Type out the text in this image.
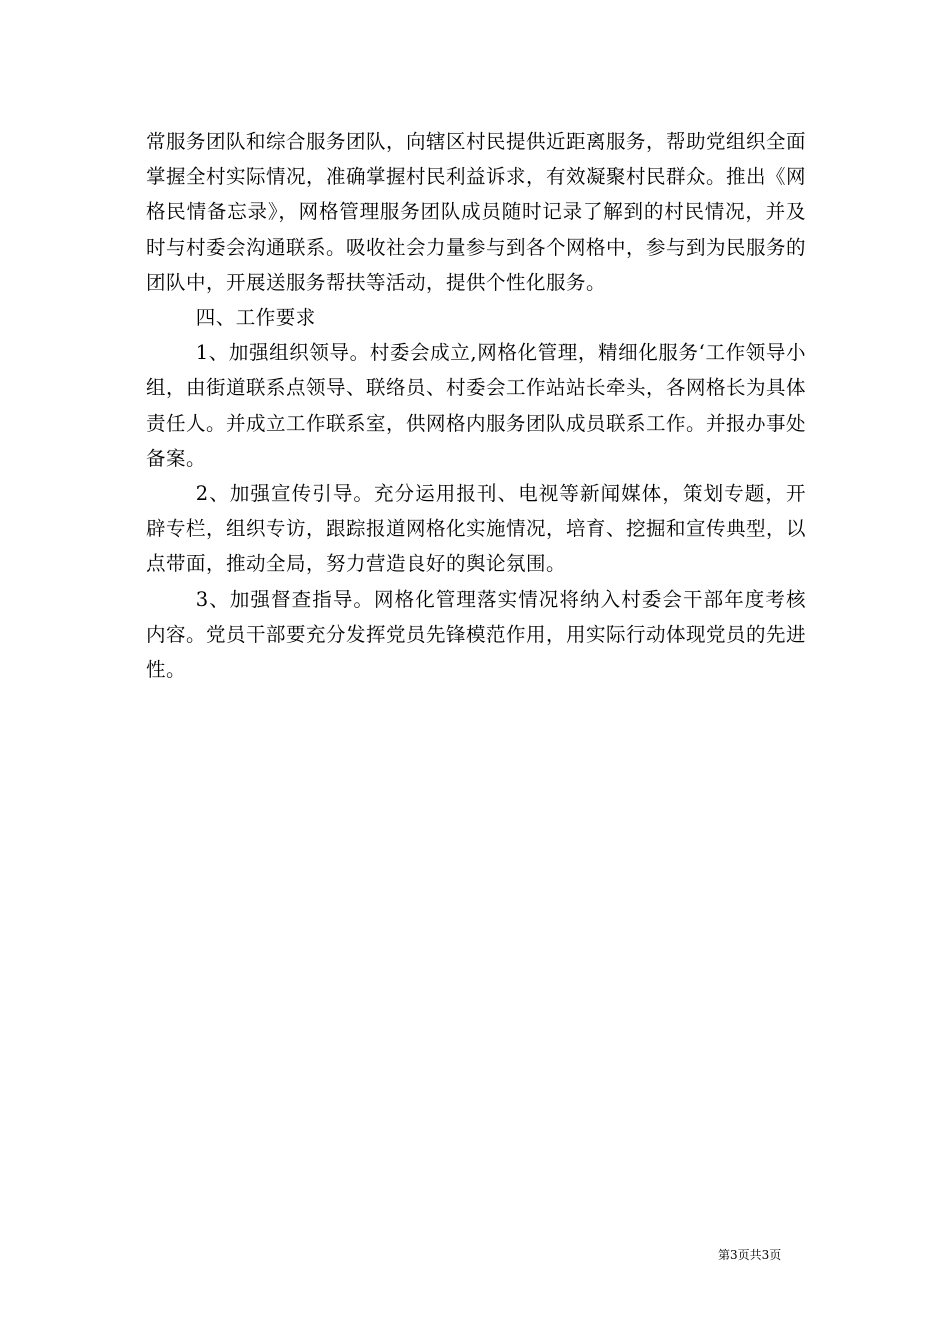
常服务团队和综合服务团队，向辖区村民提供近距离服务，帮助党组织全面掌握全村实际情况，准确掌握村民利益诉求，有效凝聚村民群众。推出《网格民情备忘录》，网格管理服务团队成员随时记录了解到的村民情况，并及时与村委会沟通联系。吸收社会力量参与到各个网格中，参与到为民服务的团队中，开展送服务帮扶等活动，提供个性化服务。

四、工作要求

1、加强组织领导。村委会成立,网格化管理，精细化服务‘工作领导小组，由街道联系点领导、联络员、村委会工作站站长牵头，各网格长为具体责任人。并成立工作联系室，供网格内服务团队成员联系工作。并报办事处备案。

2、加强宣传引导。充分运用报刊、电视等新闻媒体，策划专题，开辟专栏，组织专访，跟踪报道网格化实施情况，培育、挖掘和宣传典型，以点带面，推动全局，努力营造良好的舆论氛围。

3、加强督查指导。网格化管理落实情况将纳入村委会干部年度考核内容。党员干部要充分发挥党员先锋模范作用，用实际行动体现党员的先进性。

第3页共3页
